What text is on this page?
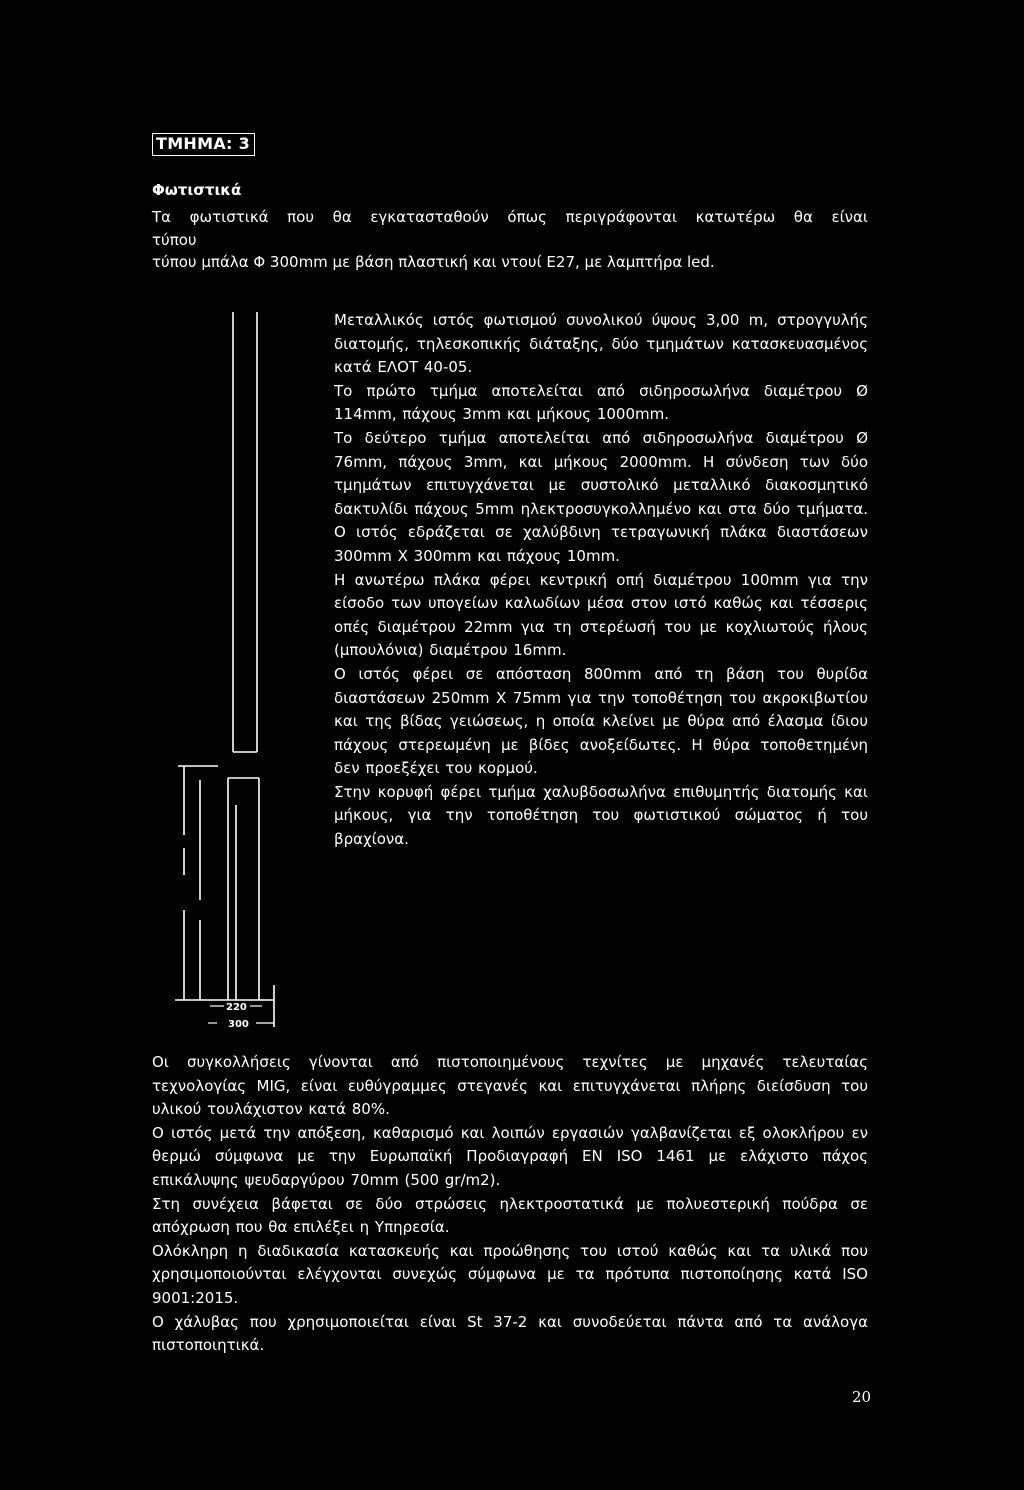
ΤΜΗΜΑ: 3
Φωτιστικά
Τα φωτιστικά που θα εγκατασταθούν όπως περιγράφονται κατωτέρω θα είναι
τύπου
τύπου μπάλα Φ 300mm με βάση πλαστική και ντουί Ε27, με λαμπτήρα led.
220
300

Μεταλλικός ιστός φωτισμού συνολικού ύψους 3,00 m, στρογγυλής διατομής, τηλεσκοπικής διάταξης, δύο τμημάτων κατασκευασμένος κατά ΕΛΟΤ 40-05.

Το πρώτο τμήμα αποτελείται από σιδηροσωλήνα διαμέτρου Ø 114mm, πάχους 3mm και μήκους 1000mm.

Το δεύτερο τμήμα αποτελείται από σιδηροσωλήνα διαμέτρου Ø 76mm, πάχους 3mm, και μήκους 2000mm. Η σύνδεση των δύο τμημάτων επιτυγχάνεται με συστολικό μεταλλικό διακοσμητικό δακτυλίδι πάχους 5mm ηλεκτροσυγκολλημένο και στα δύο τμήματα. Ο ιστός εδράζεται σε χαλύβδινη τετραγωνική πλάκα διαστάσεων 300mm X 300mm και πάχους 10mm.

Η ανωτέρω πλάκα φέρει κεντρική οπή διαμέτρου 100mm για την είσοδο των υπογείων καλωδίων μέσα στον ιστό καθώς και τέσσερις οπές διαμέτρου 22mm για τη στερέωσή του με κοχλιωτούς ήλους (μπουλόνια) διαμέτρου 16mm.

Ο ιστός φέρει σε απόσταση 800mm από τη βάση του θυρίδα διαστάσεων 250mm X 75mm για την τοποθέτηση του ακροκιβωτίου και της βίδας γειώσεως, η οποία κλείνει με θύρα από έλασμα ίδιου πάχους στερεωμένη με βίδες ανοξείδωτες. Η θύρα τοποθετημένη δεν προεξέχει του κορμού.

Στην κορυφή φέρει τμήμα χαλυβδοσωλήνα επιθυμητής διατομής και μήκους, για την τοποθέτηση του φωτιστικού σώματος ή του βραχίονα.

Οι συγκολλήσεις γίνονται από πιστοποιημένους τεχνίτες με μηχανές τελευταίας τεχνολογίας MIG, είναι ευθύγραμμες στεγανές και επιτυγχάνεται πλήρης διείσδυση του υλικού τουλάχιστον κατά 80%.

Ο ιστός μετά την απόξεση, καθαρισμό και λοιπών εργασιών γαλβανίζεται εξ ολοκλήρου εν θερμώ σύμφωνα με την Ευρωπαϊκή Προδιαγραφή EN ISO 1461 με ελάχιστο πάχος επικάλυψης ψευδαργύρου 70mm (500 gr/m2).

Στη συνέχεια βάφεται σε δύο στρώσεις ηλεκτροστατικά με πολυεστερική πούδρα σε απόχρωση που θα επιλέξει η Υπηρεσία.

Ολόκληρη η διαδικασία κατασκευής και προώθησης του ιστού καθώς και τα υλικά που χρησιμοποιούνται ελέγχονται συνεχώς σύμφωνα με τα πρότυπα πιστοποίησης κατά ISO 9001:2015.

Ο χάλυβας που χρησιμοποιείται είναι St 37-2 και συνοδεύεται πάντα από τα ανάλογα πιστοποιητικά.

20
